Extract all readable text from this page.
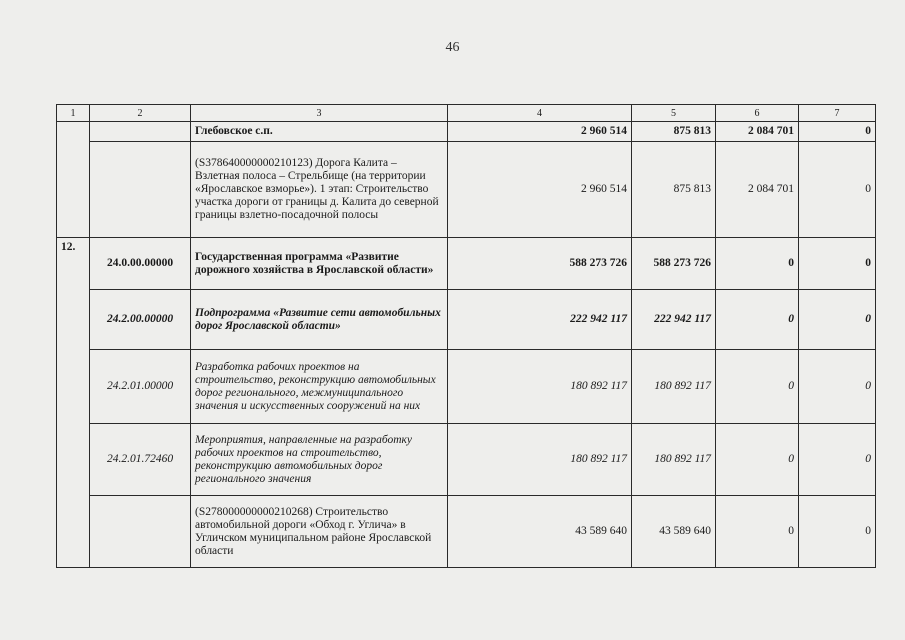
46
1	2	3	4	5	6	7
		Глебовское с.п.	2 960 514	875 813	2 084 701	0
		(S378640000000210123) Дорога Калита – Взлетная полоса – Стрельбище (на территории «Ярославское взморье»). 1 этап: Строительство участка дороги от границы д. Калита до северной границы взлетно-посадочной полосы	2 960 514	875 813	2 084 701	0
12.	24.0.00.00000	Государственная программа «Развитие дорожного хозяйства в Ярославской области»	588 273 726	588 273 726	0	0
	24.2.00.00000	Подпрограмма «Развитие сети автомобильных дорог Ярославской области»	222 942 117	222 942 117	0	0
	24.2.01.00000	Разработка рабочих проектов на строительство, реконструкцию автомобильных дорог регионального, межмуниципального значения и искусственных сооружений на них	180 892 117	180 892 117	0	0
	24.2.01.72460	Мероприятия, направленные на разработку рабочих проектов на строительство, реконструкцию автомобильных дорог регионального значения	180 892 117	180 892 117	0	0
		(S278000000000210268) Строительство автомобильной дороги «Обход г. Углича» в Угличском муниципальном районе Ярославской области	43 589 640	43 589 640	0	0
